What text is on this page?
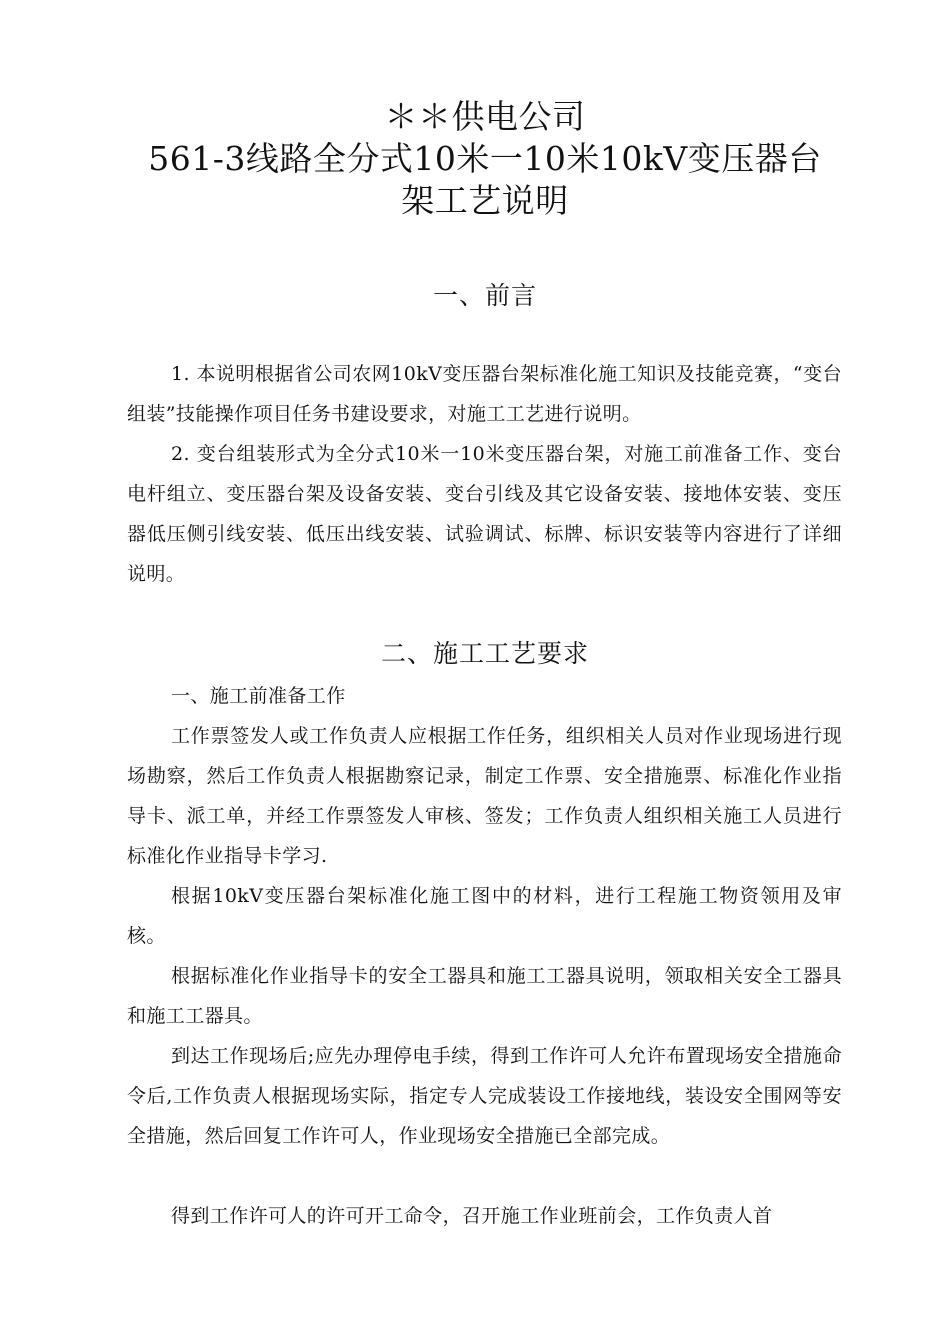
＊＊供电公司
561-3线路全分式10米一10米10kV变压器台
架工艺说明
一、前言
1. 本说明根据省公司农网10kV变压器台架标准化施工知识及技能竞赛，“变台组装”技能操作项目任务书建设要求，对施工工艺进行说明。
2. 变台组装形式为全分式10米一10米变压器台架，对施工前准备工作、变台电杆组立、变压器台架及设备安装、变台引线及其它设备安装、接地体安装、变压器低压侧引线安装、低压出线安装、试验调试、标牌、标识安装等内容进行了详细说明。
二、施工工艺要求
一、施工前准备工作
工作票签发人或工作负责人应根据工作任务，组织相关人员对作业现场进行现场勘察，然后工作负责人根据勘察记录，制定工作票、安全措施票、标准化作业指导卡、派工单，并经工作票签发人审核、签发；工作负责人组织相关施工人员进行标准化作业指导卡学习.
根据10kV变压器台架标准化施工图中的材料，进行工程施工物资领用及审核。
根据标准化作业指导卡的安全工器具和施工工器具说明，领取相关安全工器具和施工工器具。
到达工作现场后;应先办理停电手续，得到工作许可人允许布置现场安全措施命令后,工作负责人根据现场实际，指定专人完成装设工作接地线，装设安全围网等安全措施，然后回复工作许可人，作业现场安全措施已全部完成。
得到工作许可人的许可开工命令，召开施工作业班前会，工作负责人首
